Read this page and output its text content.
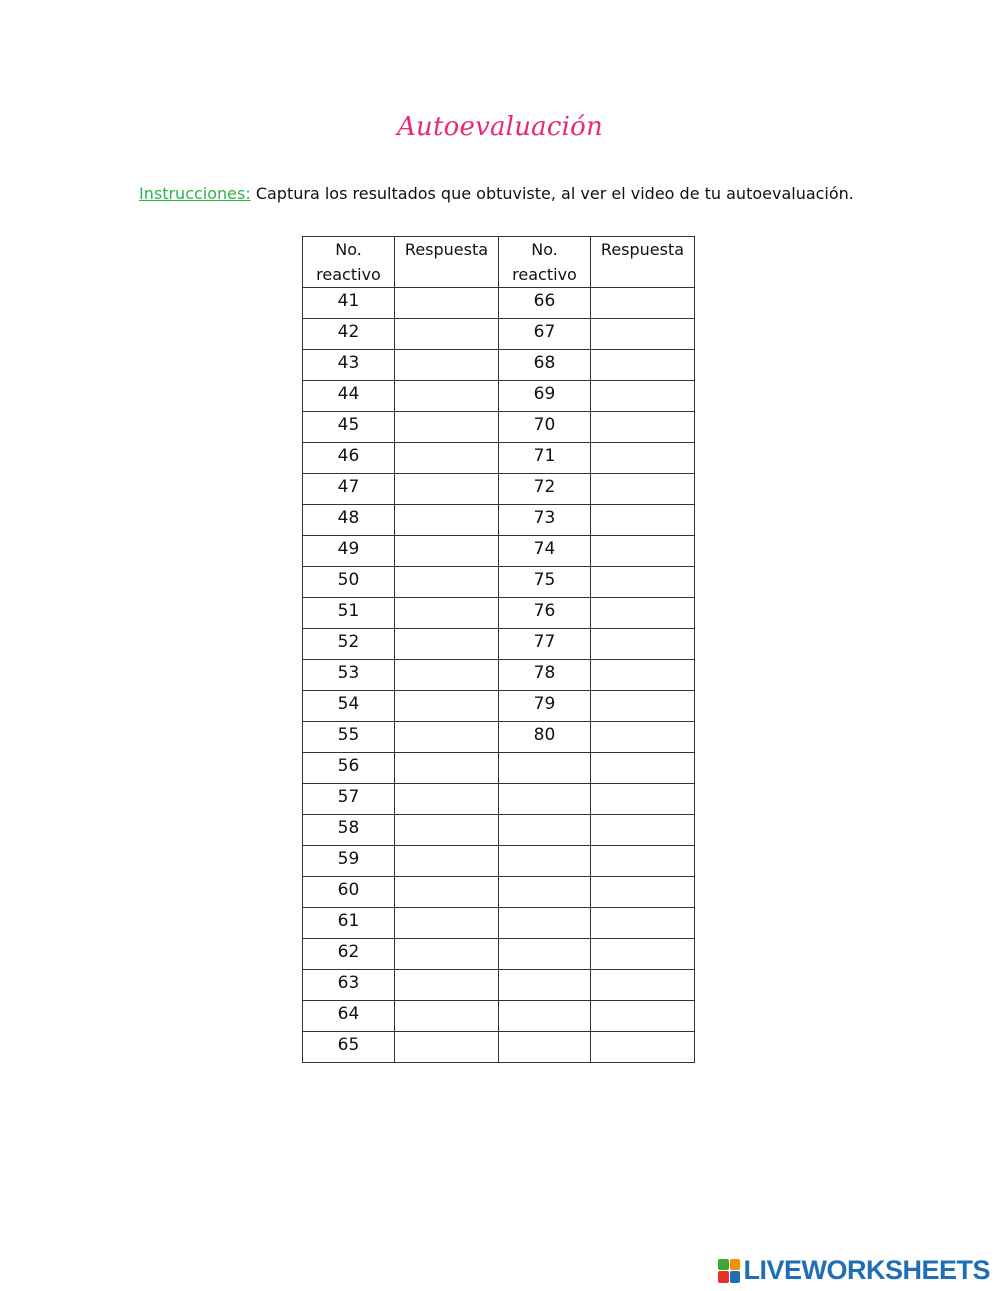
Autoevaluación
Instrucciones: Captura los resultados que obtuviste, al ver el video de tu autoevaluación.
No. reactivo	Respuesta	No. reactivo	Respuesta
41		66	
42		67	
43		68	
44		69	
45		70	
46		71	
47		72	
48		73	
49		74	
50		75	
51		76	
52		77	
53		78	
54		79	
55		80	
56			
57			
58			
59			
60			
61			
62			
63			
64			
65			
LIVEWORKSHEETS
